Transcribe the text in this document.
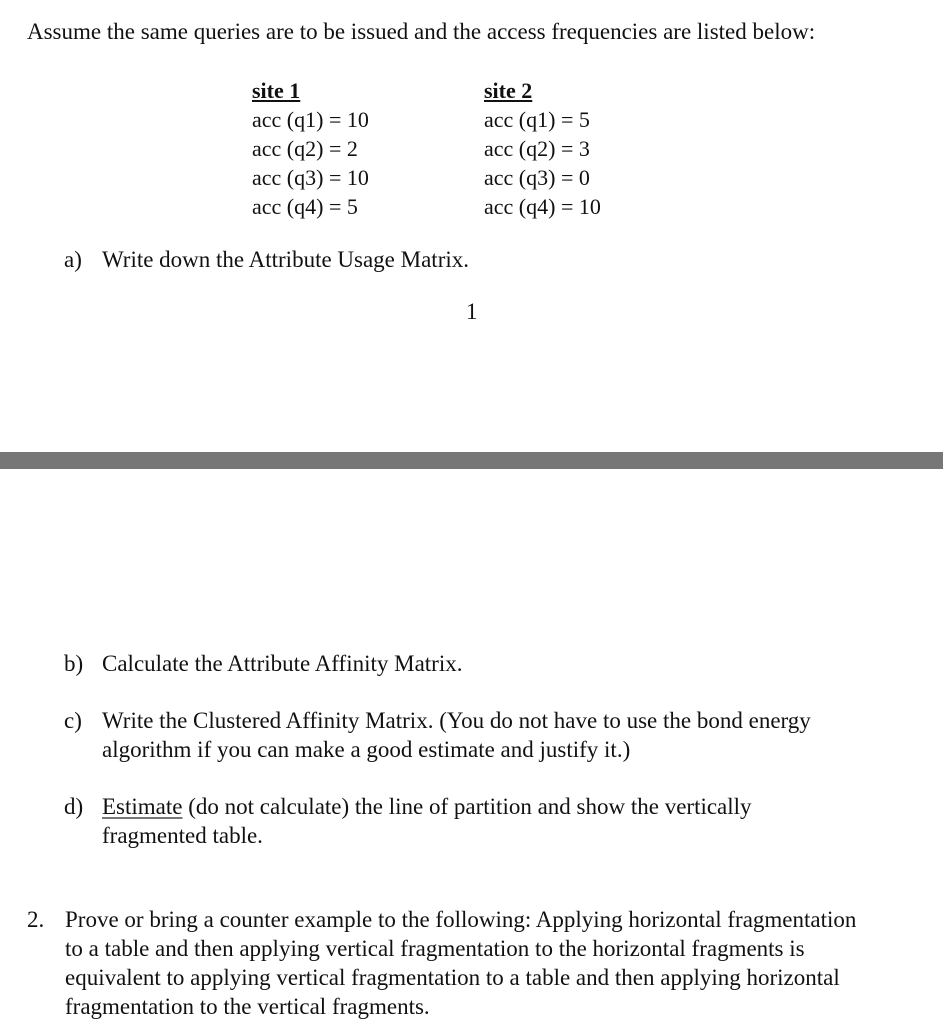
Assume the same queries are to be issued and the access frequencies are listed below:
site 1
acc (q1) = 10
acc (q2) = 2
acc (q3) = 10
acc (q4) = 5
site 2
acc (q1) = 5
acc (q2) = 3
acc (q3) = 0
acc (q4) = 10
a) Write down the Attribute Usage Matrix.
1
b) Calculate the Attribute Affinity Matrix.
c) Write the Clustered Affinity Matrix. (You do not have to use the bond energy
algorithm if you can make a good estimate and justify it.)
d) Estimate (do not calculate) the line of partition and show the vertically
fragmented table.
2. Prove or bring a counter example to the following: Applying horizontal fragmentation
to a table and then applying vertical fragmentation to the horizontal fragments is
equivalent to applying vertical fragmentation to a table and then applying horizontal
fragmentation to the vertical fragments.
